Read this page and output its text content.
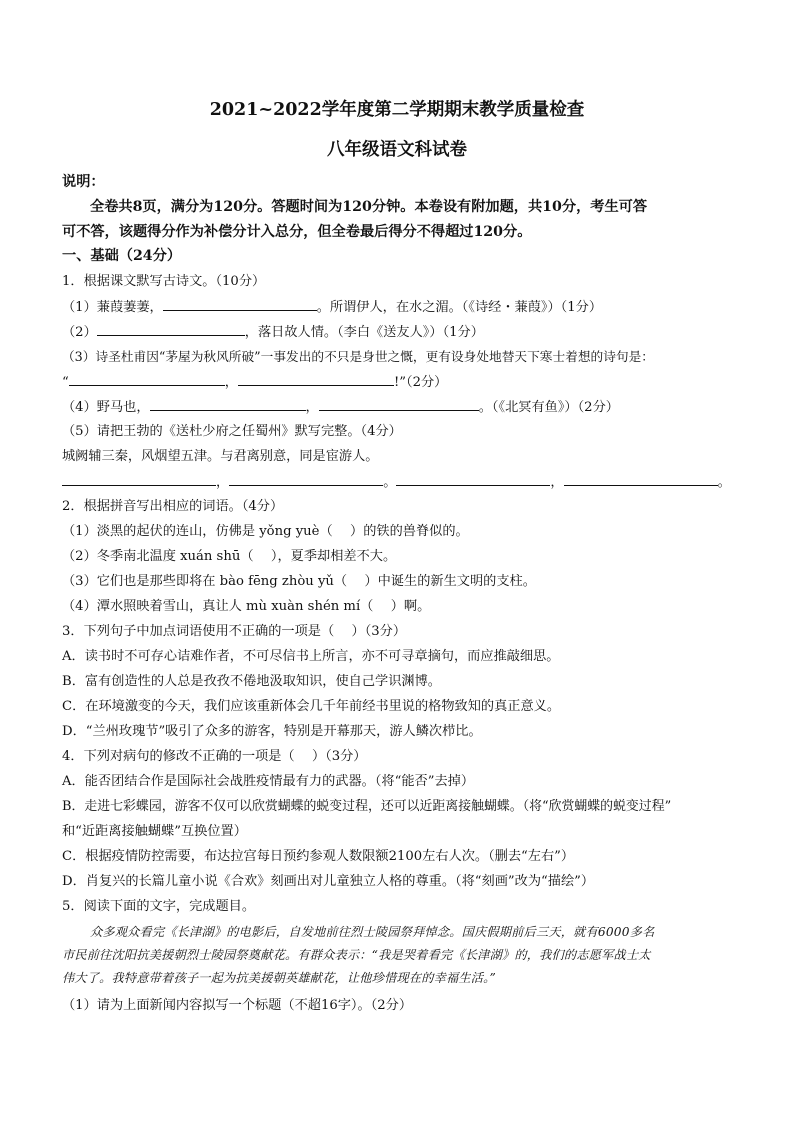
2021~2022学年度第二学期期末教学质量检查
八年级语文科试卷
说明：
全卷共8页，满分为120分。答题时间为120分钟。本卷设有附加题，共10分，考生可答
可不答，该题得分作为补偿分计入总分，但全卷最后得分不得超过120分。
一、基础（24分）
1．根据课文默写古诗文。（10分）
（1）蒹葭萋萋，	。所谓伊人，在水之湄。（《诗经・蒹葭》）（1分）
（2）	，落日故人情。（李白《送友人》）（1分）
（3）诗圣杜甫因“茅屋为秋风所破”一事发出的不只是身世之慨，更有设身处地替天下寒士着想的诗句是：
“	，	!”（2分）
（4）野马也，	，	。（《北冥有鱼》）（2分）
（5）请把王勃的《送杜少府之任蜀州》默写完整。（4分）
城阙辅三秦，风烟望五津。与君离别意，同是宦游人。
，	。	，	。
2．根据拼音写出相应的词语。（4分）
（1）淡黑的起伏的连山，仿佛是 yǒng yuè（　 ）的铁的兽脊似的。
（2）冬季南北温度 xuán shū（　 ），夏季却相差不大。
（3）它们也是那些即将在 bào fēng zhòu yǔ（　 ）中诞生的新生文明的支柱。
（4）潭水照映着雪山，真让人 mù xuàn shén mí（　 ）啊。
3．下列句子中加点词语使用不正确的一项是（　 ）（3分）
A．读书时不可存心诘难作者，不可尽信书上所言，亦不可寻章摘句，而应推敲细思。
B．富有创造性的人总是孜孜不倦地汲取知识，使自己学识渊博。
C．在环境激变的今天，我们应该重新体会几千年前经书里说的格物致知的真正意义。
D．“兰州玫瑰节”吸引了众多的游客，特别是开幕那天，游人鳞次栉比。
4．下列对病句的修改不正确的一项是（　 ）（3分）
A．能否团结合作是国际社会战胜疫情最有力的武器。（将“能否”去掉）
B．走进七彩蝶园，游客不仅可以欣赏蝴蝶的蜕变过程，还可以近距离接触蝴蝶。（将“欣赏蝴蝶的蜕变过程”
和“近距离接触蝴蝶”互换位置）
C．根据疫情防控需要，布达拉宫每日预约参观人数限额2100左右人次。（删去“左右”）
D．肖复兴的长篇儿童小说《合欢》刻画出对儿童独立人格的尊重。（将“刻画”改为“描绘”）
5．阅读下面的文字，完成题目。
众多观众看完《长津湖》的电影后，自发地前往烈士陵园祭拜悼念。国庆假期前后三天，就有6000多名
市民前往沈阳抗美援朝烈士陵园祭奠献花。有群众表示：“我是哭着看完《长津湖》的，我们的志愿军战士太
伟大了。我特意带着孩子一起为抗美援朝英雄献花，让他珍惜现在的幸福生活。”
（1）请为上面新闻内容拟写一个标题（不超16字）。（2分）
